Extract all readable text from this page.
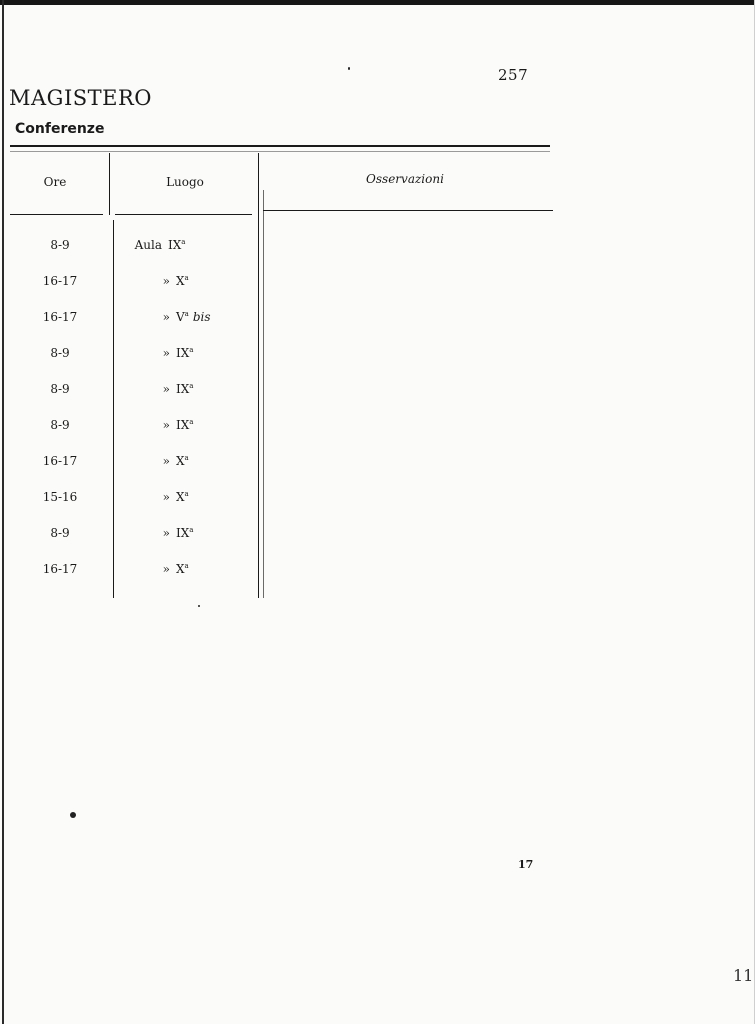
257
MAGISTERO
Conferenze
Ore	Luogo	Osservazioni
8-9	Aula $IX^a$
16-17	» $X^a$
16-17	» $V^a$ bis
8-9	» $IX^a$
8-9	» $IX^a$
8-9	» $IX^a$
16-17	» $X^a$
15-16	» $X^a$
8-9	» $IX^a$
16-17	» $X^a$
17
11
